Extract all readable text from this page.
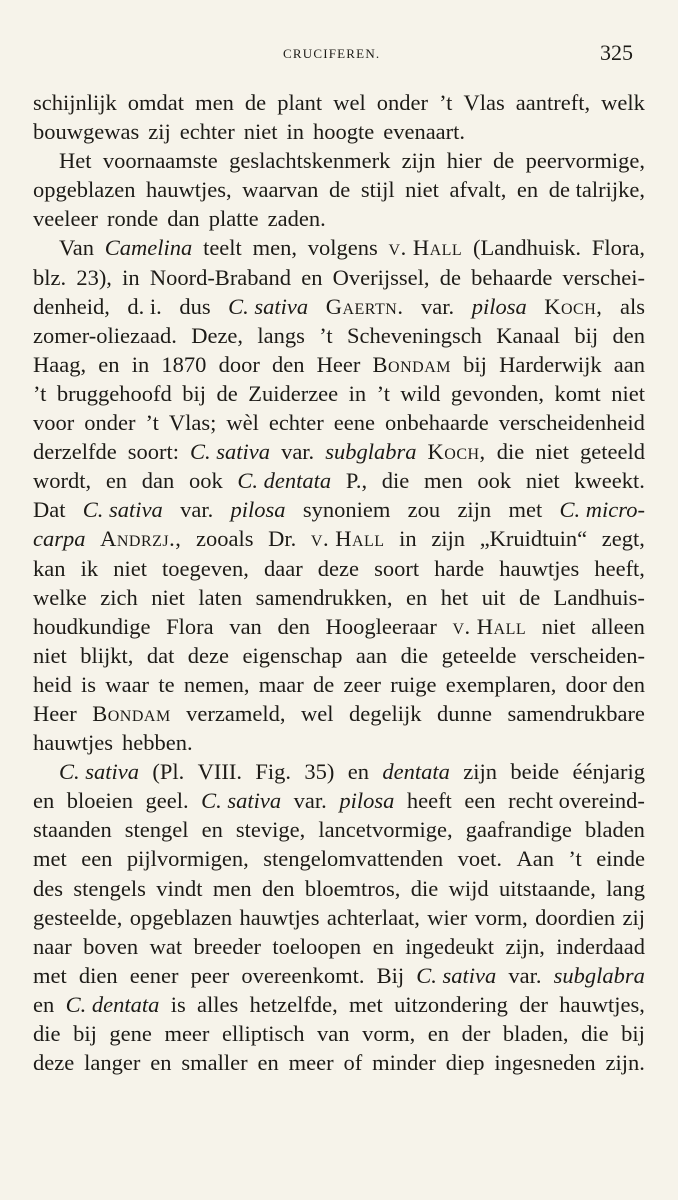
CRUCIFEREN.	325
schijnlijk omdat men de plant wel onder ’t Vlas aantreft, welk
bouwgewas zij echter niet in hoogte evenaart.
Het voornaamste geslachtskenmerk zijn hier de peervormige,
opgeblazen hauwtjes, waarvan de stijl niet afvalt, en de talrijke,
veeleer ronde dan platte zaden.
Van Camelina teelt men, volgens v. Hall (Landhuisk. Flora,
blz. 23), in Noord-Braband en Overijssel, de behaarde verschei-
denheid, d. i. dus C. sativa Gaertn. var. pilosa Koch, als
zomer-oliezaad. Deze, langs ’t Scheveningsch Kanaal bij den
Haag, en in 1870 door den Heer Bondam bij Harderwijk aan
’t bruggehoofd bij de Zuiderzee in ’t wild gevonden, komt niet
voor onder ’t Vlas; wèl echter eene onbehaarde verscheidenheid
derzelfde soort: C. sativa var. subglabra Koch, die niet geteeld
wordt, en dan ook C. dentata P., die men ook niet kweekt.
Dat C. sativa var. pilosa synoniem zou zijn met C. micro-
carpa Andrzj., zooals Dr. v. Hall in zijn „Kruidtuin“ zegt,
kan ik niet toegeven, daar deze soort harde hauwtjes heeft,
welke zich niet laten samendrukken, en het uit de Landhuis-
houdkundige Flora van den Hoogleeraar v. Hall niet alleen
niet blijkt, dat deze eigenschap aan die geteelde verscheiden-
heid is waar te nemen, maar de zeer ruige exemplaren, door den
Heer Bondam verzameld, wel degelijk dunne samendrukbare
hauwtjes hebben.
C. sativa (Pl. VIII. Fig. 35) en dentata zijn beide éénjarig
en bloeien geel. C. sativa var. pilosa heeft een recht overeind-
staanden stengel en stevige, lancetvormige, gaafrandige bladen
met een pijlvormigen, stengelomvattenden voet. Aan ’t einde
des stengels vindt men den bloemtros, die wijd uitstaande, lang
gesteelde, opgeblazen hauwtjes achterlaat, wier vorm, doordien zij
naar boven wat breeder toeloopen en ingedeukt zijn, inderdaad
met dien eener peer overeenkomt. Bij C. sativa var. subglabra
en C. dentata is alles hetzelfde, met uitzondering der hauwtjes,
die bij gene meer elliptisch van vorm, en der bladen, die bij
deze langer en smaller en meer of minder diep ingesneden zijn.
